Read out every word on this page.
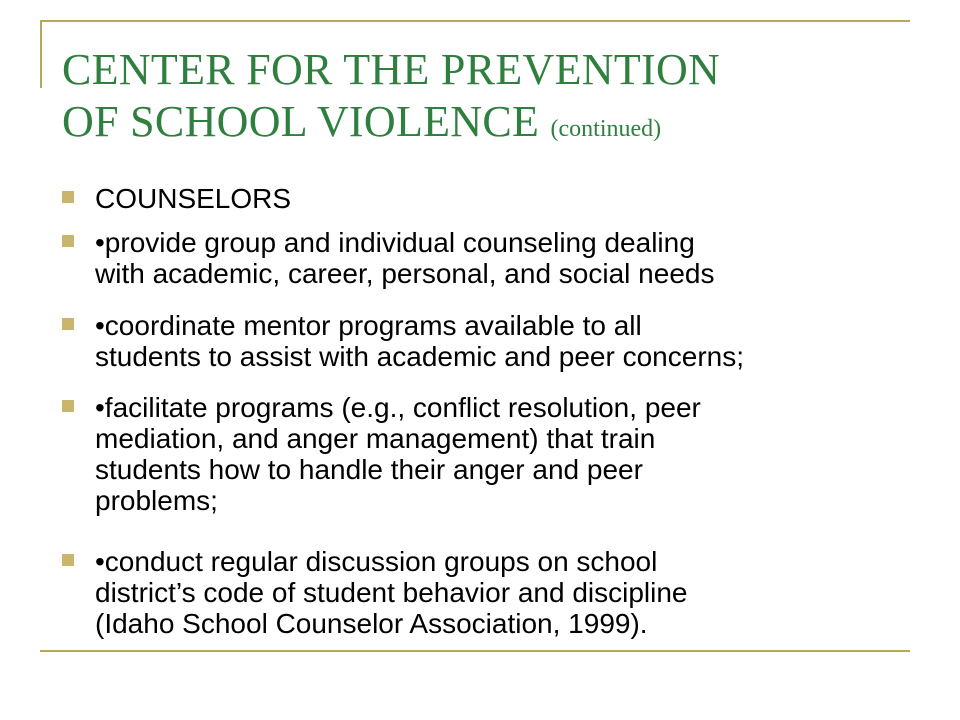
CENTER FOR THE PREVENTION
OF SCHOOL VIOLENCE (continued)
COUNSELORS
•provide group and individual counseling dealing
with academic, career, personal, and social needs
•coordinate mentor programs available to all
students to assist with academic and peer concerns;
•facilitate programs (e.g., conflict resolution, peer
mediation, and anger management) that train
students how to handle their anger and peer
problems;
•conduct regular discussion groups on school
district’s code of student behavior and discipline
(Idaho School Counselor Association, 1999).
